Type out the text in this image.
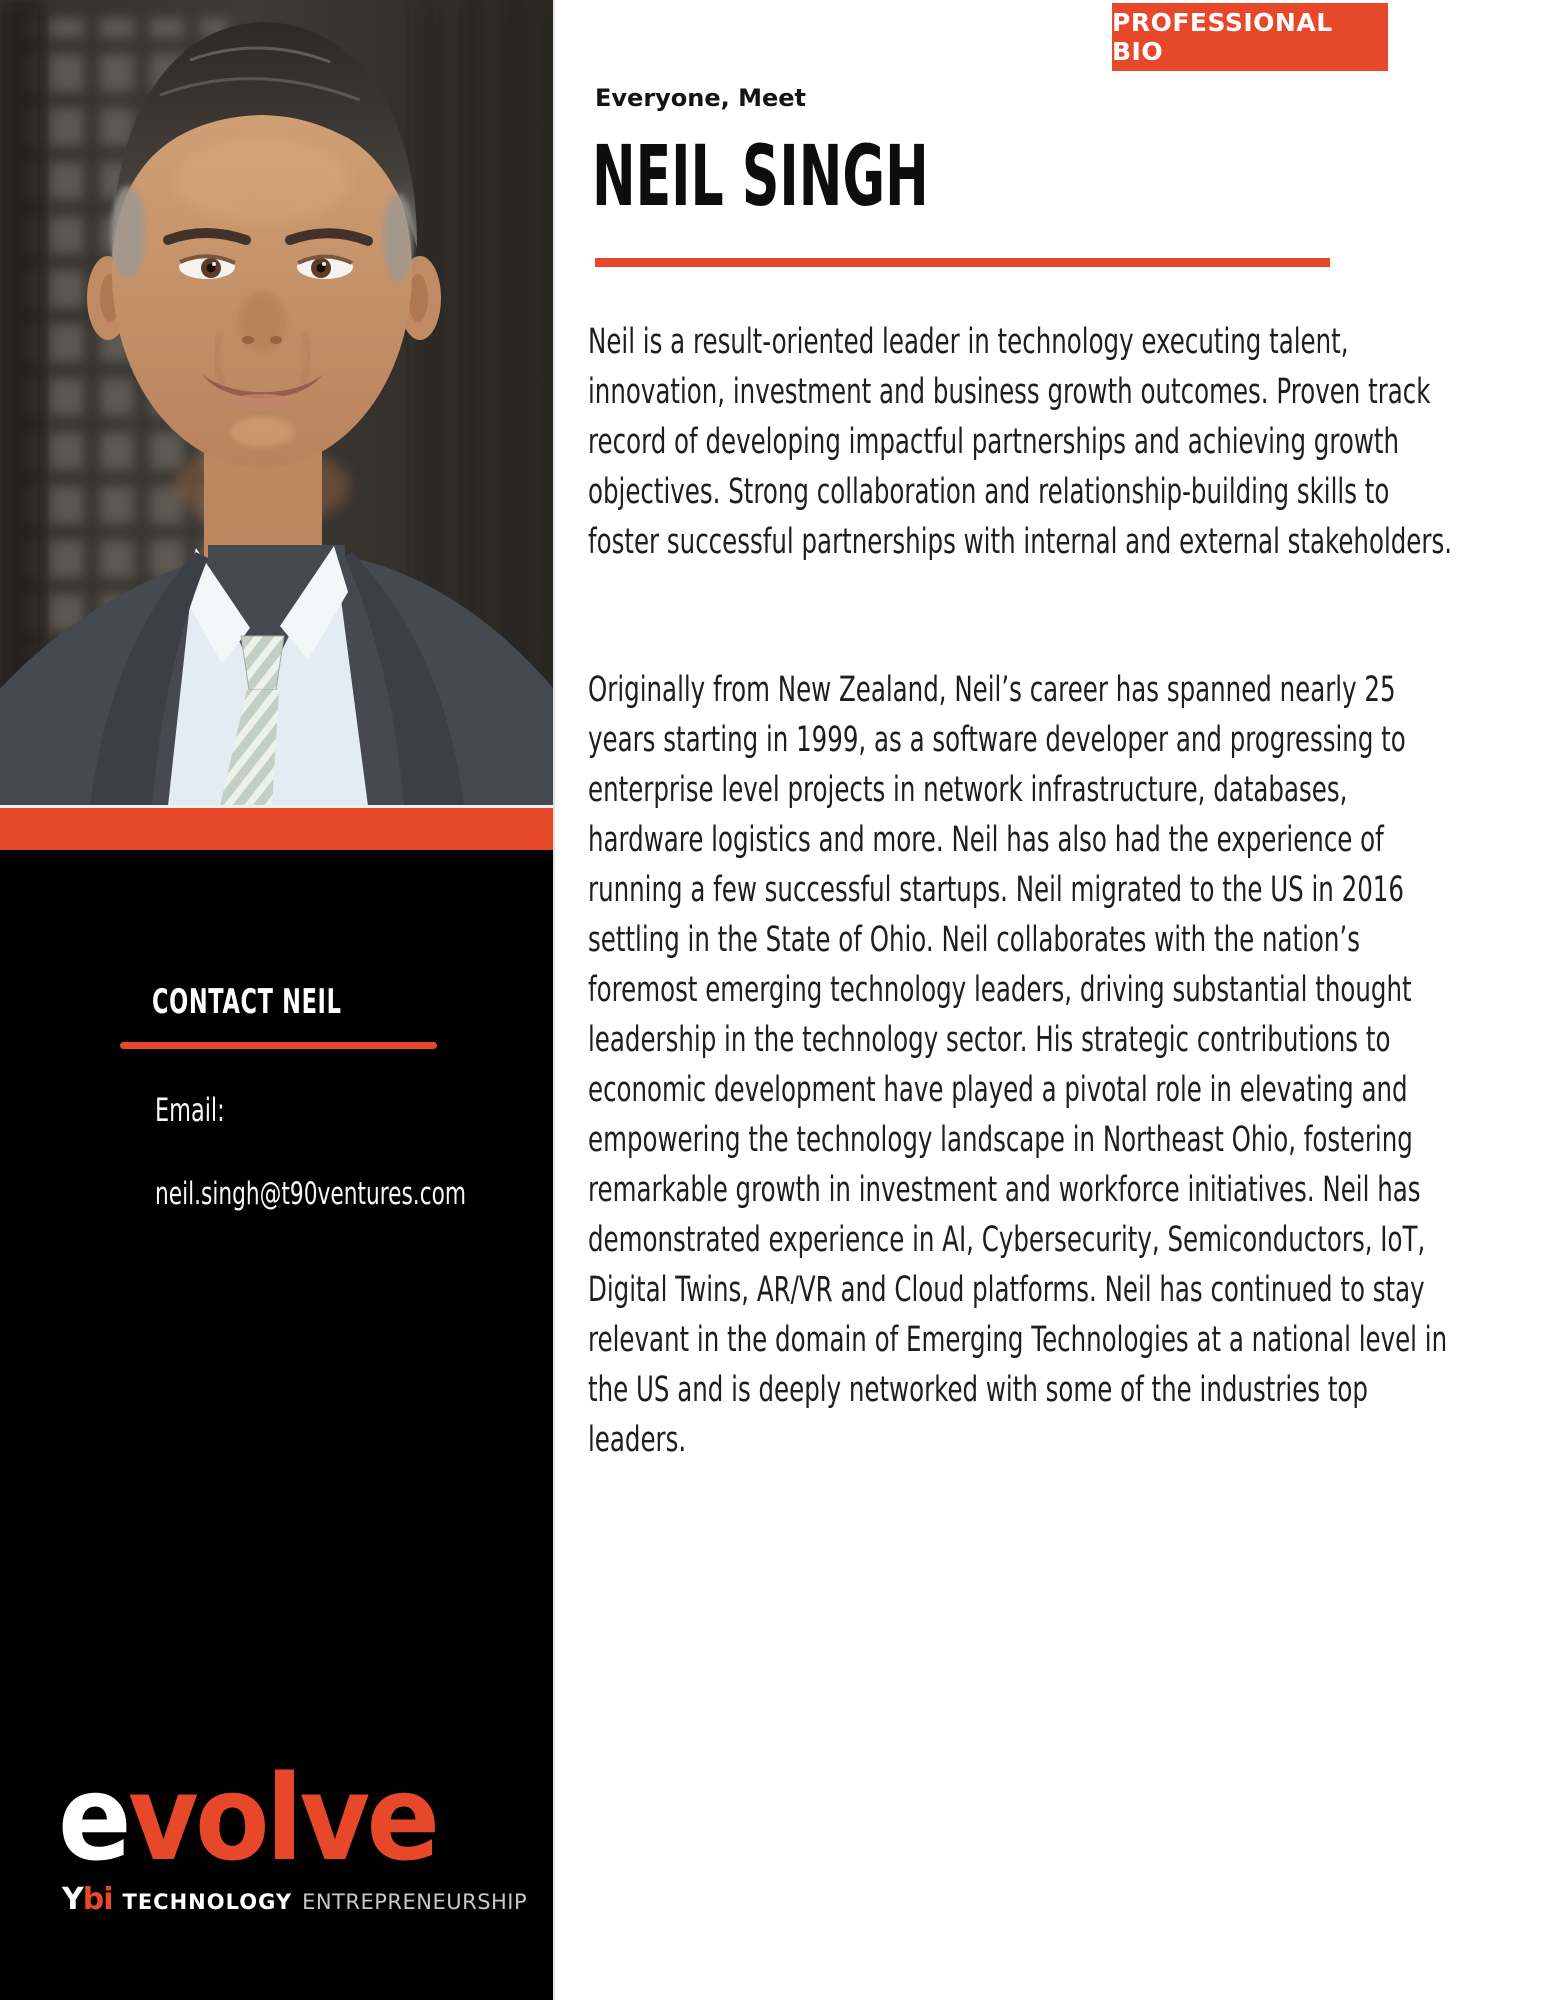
CONTACT NEIL
Email:
neil.singh@t90ventures.com
evolve
Ybi TECHNOLOGY ENTREPRENEURSHIP
PROFESSIONAL BIO
Everyone, Meet
NEIL SINGH
Neil is a result-oriented leader in technology executing talent, innovation, investment and business growth outcomes. Proven track record of developing impactful partnerships and achieving growth objectives. Strong collaboration and relationship-building skills to foster successful partnerships with internal and external stakeholders.
Originally from New Zealand, Neil’s career has spanned nearly 25 years starting in 1999, as a software developer and progressing to enterprise level projects in network infrastructure, databases, hardware logistics and more. Neil has also had the experience of running a few successful startups. Neil migrated to the US in 2016 settling in the State of Ohio. Neil collaborates with the nation’s foremost emerging technology leaders, driving substantial thought leadership in the technology sector. His strategic contributions to economic development have played a pivotal role in elevating and empowering the technology landscape in Northeast Ohio, fostering remarkable growth in investment and workforce initiatives. Neil has demonstrated experience in AI, Cybersecurity, Semiconductors, IoT, Digital Twins, AR/VR and Cloud platforms. Neil has continued to stay relevant in the domain of Emerging Technologies at a national level in the US and is deeply networked with some of the industries top leaders.
